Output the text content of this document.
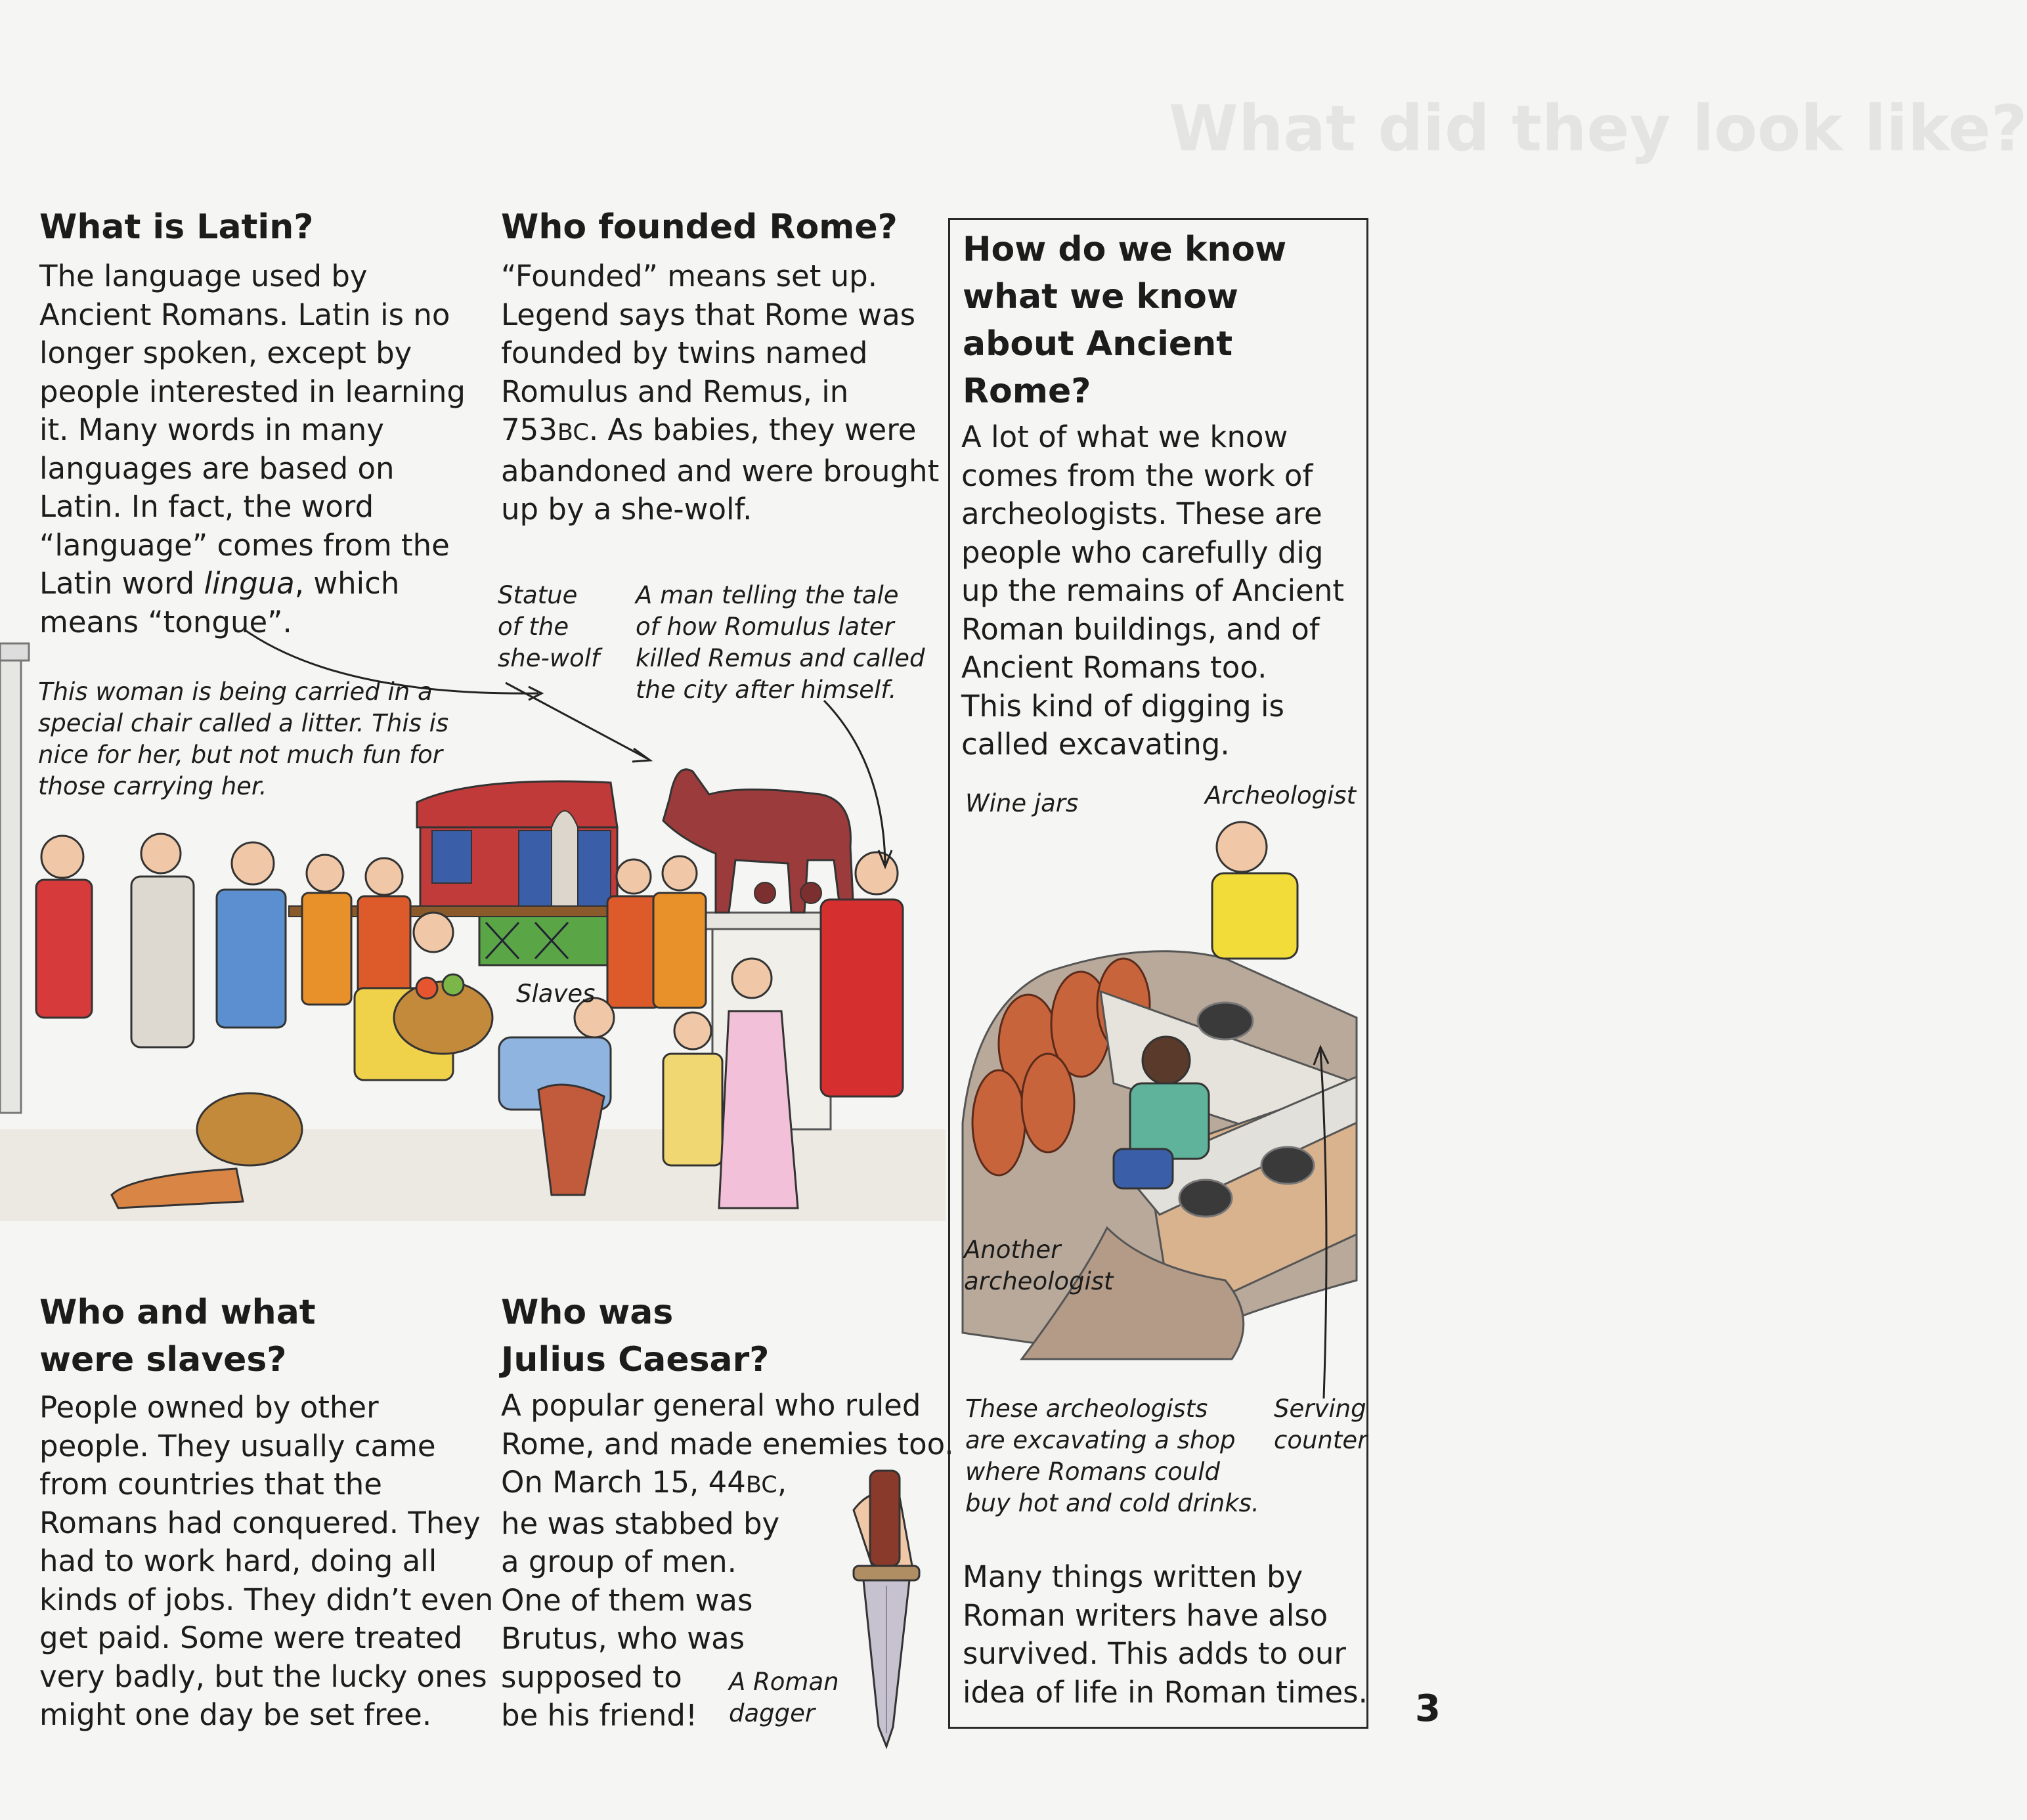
What did they look like?
What is Latin?
The language used by
Ancient Romans. Latin is no
longer spoken, except by
people interested in learning
it. Many words in many
languages are based on
Latin. In fact, the word
“language” comes from the
Latin word lingua, which
means “tongue”.
Who founded Rome?
“Founded” means set up.
Legend says that Rome was
founded by twins named
Romulus and Remus, in
753BC. As babies, they were
abandoned and were brought
up by a she-wolf.
How do we know
what we know
about Ancient
Rome?
A lot of what we know
comes from the work of
archeologists. These are
people who carefully dig
up the remains of Ancient
Roman buildings, and of
Ancient Romans too.
This kind of digging is
called excavating.
Many things written by
Roman writers have also
survived. This adds to our
idea of life in Roman times.
Who and what
were slaves?
People owned by other
people. They usually came
from countries that the
Romans had conquered. They
had to work hard, doing all
kinds of jobs. They didn’t even
get paid. Some were treated
very badly, but the lucky ones
might one day be set free.
Who was
Julius Caesar?
A popular general who ruled
Rome, and made enemies too.
On March 15, 44BC,
he was stabbed by
a group of men.
One of them was
Brutus, who was
supposed to
be his friend!
This woman is being carried in a
special chair called a litter. This is
nice for her, but not much fun for
those carrying her.
Statue
of the
she-wolf
A man telling the tale
of how Romulus later
killed Remus and called
the city after himself.
Slaves
Wine jars	Archeologist
Another
archeologist
These archeologists
are excavating a shop
where Romans could
buy hot and cold drinks.
Serving
counter
A Roman
dagger	3
